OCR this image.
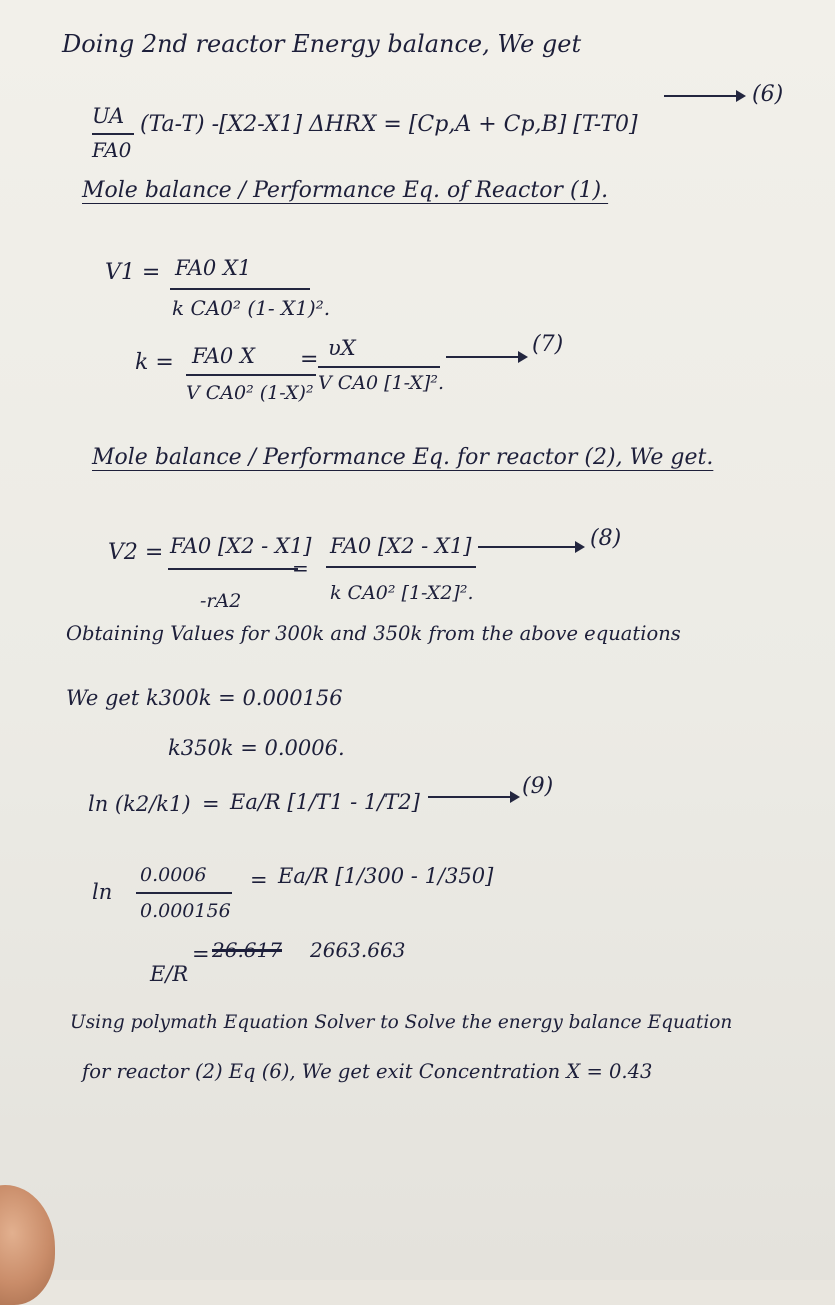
Doing 2nd reactor Energy balance, We get
UA
FA0
(Ta-T) -[X2-X1] ΔHRX = [Cp,A + Cp,B] [T-T0]
(6)
Mole balance / Performance Eq. of Reactor (1).
V1 = FA0 X1
k CA0² (1- X1)².
k = FA0 X
V CA0² (1-X)²
= υX
V CA0 [1-X]².
(7)
Mole balance / Performance Eq. for reactor (2), We get.
V2 = FA0 [X2 - X1]
-rA2
=
FA0 [X2 - X1]
k CA0² [1-X2]².
(8)
Obtaining Values for 300k and 350k from the above equations
We get k300k = 0.000156
k350k = 0.0006.
ln (k2/k1) = Ea/R [1/T1 - 1/T2]
(9)
ln
0.0006
0.000156
= Ea/R [1/300 - 1/350]
E/R
= 26.617 2663.663
Using polymath Equation Solver to Solve the energy balance Equation
for reactor (2) Eq (6), We get exit Concentration X = 0.43
